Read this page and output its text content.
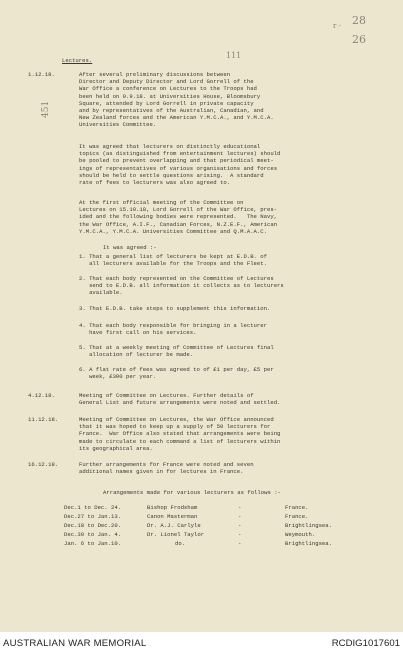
28
26
r -
451
111
Lectures.
1.12.18.	After several preliminary discussions between
Director and Deputy Director and Lord Gorrell of the
War Office a conference on Lectures to the Troops had
been held on 9.9.18. at Universities House, Bloomsbury
Square, attended by Lord Gorrell in private capacity
and by representatives of the Australian, Canadian, and
New Zealand forces and the American Y.M.C.A., and Y.M.C.A.
Universities Committee.
It was agreed that lecturers on distinctly educational
topics (as distinguished from entertainment lectures) should
be pooled to prevent overlapping and that periodical meet-
ings of representatives of various organisations and forces
should be held to settle questions arising.  A standard
rate of fees to lecturers was also agreed to.
At the first official meeting of the Committee on
Lectures on 15.10.18, Lord Gorrell of the War Office, pres-
ided and the following bodies were represented.   The Navy,
the War Office, A.I.F., Canadian Forces, N.Z.E.F., American
Y.M.C.A., Y.M.C.A. Universities Committee and Q.M.A.A.C.
It was agreed :-
1. That a general list of lecturers be kept at E.D.B. of
all lecturers available for the Troops and the Fleet.
2. That each body represented on the Committee of Lectures
send to E.D.B. all information it collects as to lecturers
available.
3. That E.D.B. take steps to supplement this information.
4. That each body responsible for bringing in a lecturer
have first call on his services.
5. That at a weekly meeting of Committee of Lectures final
allocation of lecturer be made.
6. A flat rate of fees was agreed to of £1 per day, £5 per
week, £300 per year.
4.12.18.	Meeting of Committee on Lectures. Further details of
General List and future arrangements were noted and settled.
11.12.18.	Meeting of Committee on Lectures, the War Office announced
that it was hoped to keep up a supply of 50 lecturers for
France.  War Office also stated that arrangements were being
made to circulate to each command a list of lecturers within
its geographical area.
16.12.18.	Further arrangements for France were noted and seven
additional names given in for lectures in France.
Arrangements made for various lecturers as follows :-
Dec.1 to Dec. 24.	Bishop Frodsham	-	France.
Dec.27 to Jan.13.	Canon Masterman	-	France.
Dec.18 to Dec.20.	Dr. A.J. Carlyle	-	Brightlingsea.
Dec.30 to Jan. 4.	Dr. Lionel Taylor	-	Weymouth.
Jan. 6 to Jan.10.	do.	-	Brightlingsea.
AUSTRALIAN WAR MEMORIAL	RCDIG1017601
